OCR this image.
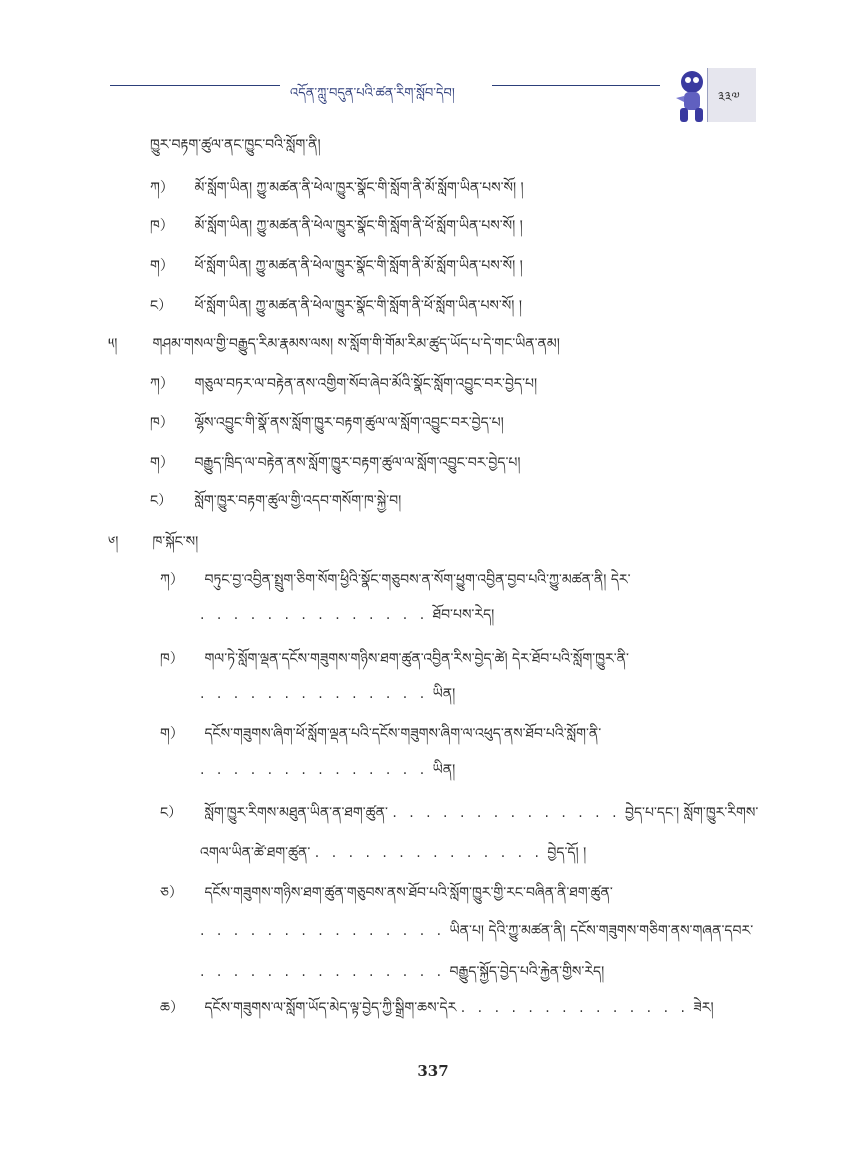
འདོན་ཀླུ་བདུན་པའི་ཚན་རིག་སློབ་དེབ།	༣༣༧
ཁྱུར་བརྟག་ཚུལ་ནང་ཁྱུང་བའི་སློག་ནི།
ཀ） མོ་སློག་ཡིན། ཀྱུ་མཚན་ནི་ཕེལ་ཁྱུར་སྣོང་གི་སློག་ནི་མོ་སློག་ཡིན་པས་སོ། །
ཁ） མོ་སློག་ཡིན། ཀྱུ་མཚན་ནི་ཕེལ་ཁྱུར་སྣོང་གི་སློག་ནི་ཕོ་སློག་ཡིན་པས་སོ། །
ག） ཕོ་སློག་ཡིན། ཀྱུ་མཚན་ནི་ཕེལ་ཁྱུར་སྣོང་གི་སློག་ནི་མོ་སློག་ཡིན་པས་སོ། །
ང） ཕོ་སློག་ཡིན། ཀྱུ་མཚན་ནི་ཕེལ་ཁྱུར་སྣོང་གི་སློག་ནི་ཕོ་སློག་ཡིན་པས་སོ། །
༥།	གཤམ་གསལ་གྱི་བརྒྱུད་རིམ་རྣམས་ལས། ས་སློག་གི་གོམ་རིམ་ཚུད་ཡོད་པ་དེ་གང་ཡིན་ནམ།
ཀ） གཅུལ་བཏར་ལ་བརྟེན་ནས་འགྱིག་སོབ་ཞེབ་མོའི་སྣོང་སློག་འབྱུང་བར་བྱེད་པ།
ཁ） ལྷོས་འབྱུང་གི་སྣོ་ནས་སློག་ཁྱུར་བརྟག་ཚུལ་ལ་སློག་འབྱུང་བར་བྱེད་པ།
ག） བརྒྱུད་ཁྲིད་ལ་བརྟེན་ནས་སློག་ཁྱུར་བརྟག་ཚུལ་ལ་སློག་འབྱུང་བར་བྱེད་པ།
ང） སློག་ཁྱུར་བརྟག་ཚུལ་གྱི་འདབ་གསོག་ཁ་སྐྱེ་བ།
༦། ཁ་སྐོང་ས།
ཀ） བཏུང་བྱ་འབྱིན་སྤྲུག་ཅིག་སོག་ཕྱིའི་སྣོང་གཅུབས་ན་སོག་ཕྱུག་འབྱིན་བྱབ་པའི་ཀྱུ་མཚན་ནི། དེར་
. . . . . . . . . . . . . . ཐོབ་པས་རེད།
ཁ） གལ་ཏེ་སློག་ལྡན་དངོས་གཟུགས་གཉིས་ཐག་ཚུན་འབྱིན་རིས་བྱེད་ཚེ། དེར་ཐོབ་པའི་སློག་ཁྱུར་ནི་
. . . . . . . . . . . . . . ཡིན།
ག） དངོས་གཟུགས་ཞིག་ཕོ་སློག་ལྡན་པའི་དངོས་གཟུགས་ཞིག་ལ་འཕུད་ནས་ཐོབ་པའི་སློག་ནི་
. . . . . . . . . . . . . . ཡིན།
ང） སློག་ཁྱུར་རིགས་མཐུན་ཡིན་ན་ཐག་ཚུན་ . . . . . . . . . . . . . . བྱེད་པ་དང་། སློག་ཁྱུར་རིགས་
འགལ་ཡིན་ཚེ་ཐག་ཚུན་ . . . . . . . . . . . . . . བྱེད་དོ། །
ཅ） དངོས་གཟུགས་གཉིས་ཐག་ཚུན་གཅུབས་ནས་ཐོབ་པའི་སློག་ཁྱུར་གྱི་རང་བཞིན་ནི་ཐག་ཚུན་
. . . . . . . . . . . . . . . ཡིན་པ། དེའི་ཀྱུ་མཚན་ནི། དངོས་གཟུགས་གཅིག་ནས་གཞན་དབར་
. . . . . . . . . . . . . . . བརྒྱུད་སྐྱོད་བྱེད་པའི་རྐྱེན་གྱིས་རེད།
ཆ） དངོས་གཟུགས་ལ་སློག་ཡོད་མེད་ལྟ་བྱེད་ཀྱི་སྒྲིག་ཆས་དེར . . . . . . . . . . . . . . ཟེར།
337
